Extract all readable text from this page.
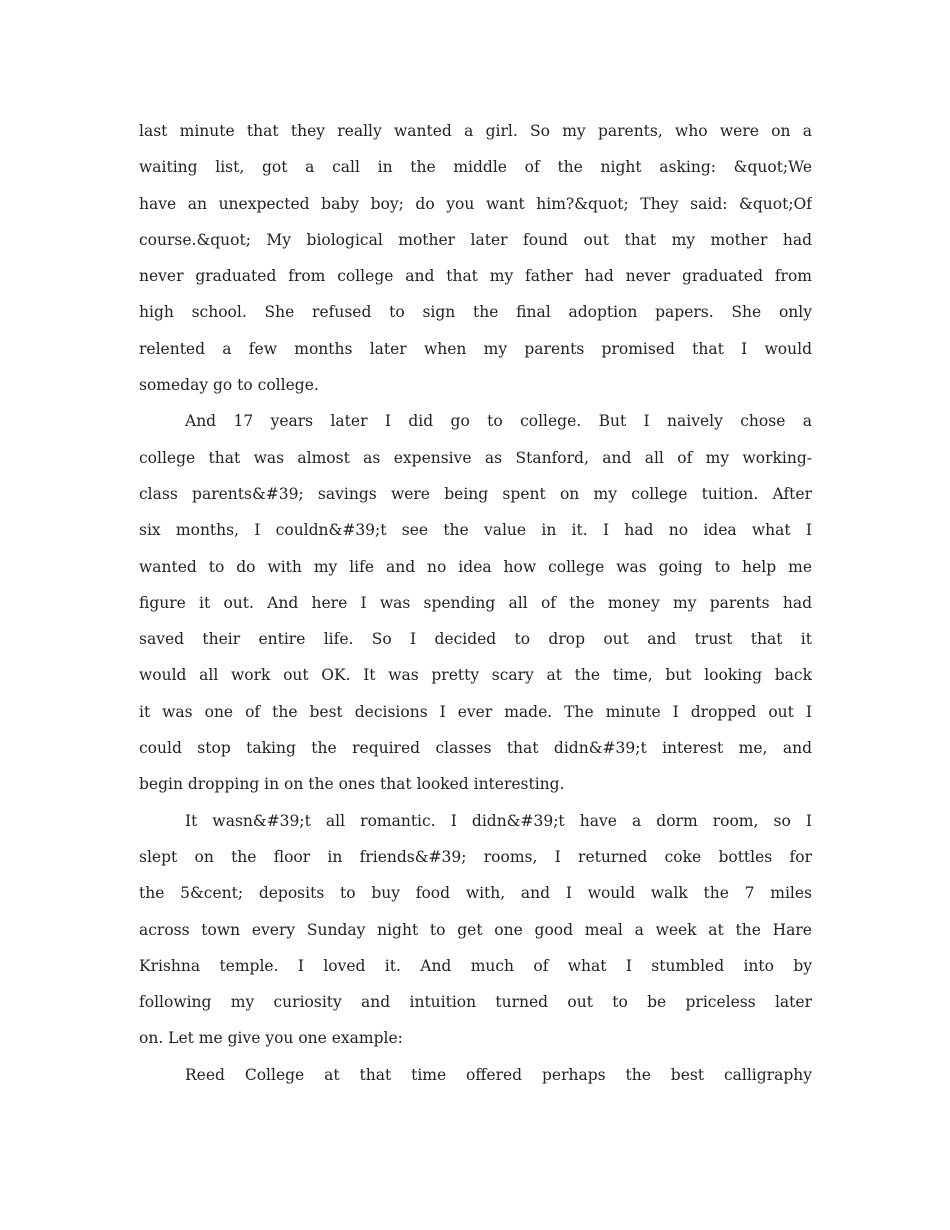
last minute that they really wanted a girl. So my parents, who were on a
waiting list, got a call in the middle of the night asking: &quot;We
have an unexpected baby boy; do you want him?&quot; They said: &quot;Of
course.&quot; My biological mother later found out that my mother had
never graduated from college and that my father had never graduated from
high school. She refused to sign the final adoption papers. She only
relented a few months later when my parents promised that I would
someday go to college.
And 17 years later I did go to college. But I naively chose a
college that was almost as expensive as Stanford, and all of my working-
class parents&#39; savings were being spent on my college tuition. After
six months, I couldn&#39;t see the value in it. I had no idea what I
wanted to do with my life and no idea how college was going to help me
figure it out. And here I was spending all of the money my parents had
saved their entire life. So I decided to drop out and trust that it
would all work out OK. It was pretty scary at the time, but looking back
it was one of the best decisions I ever made. The minute I dropped out I
could stop taking the required classes that didn&#39;t interest me, and
begin dropping in on the ones that looked interesting.
It wasn&#39;t all romantic. I didn&#39;t have a dorm room, so I
slept on the floor in friends&#39; rooms, I returned coke bottles for
the 5&cent; deposits to buy food with, and I would walk the 7 miles
across town every Sunday night to get one good meal a week at the Hare
Krishna temple. I loved it. And much of what I stumbled into by
following my curiosity and intuition turned out to be priceless later
on. Let me give you one example:
Reed College at that time offered perhaps the best calligraphy
